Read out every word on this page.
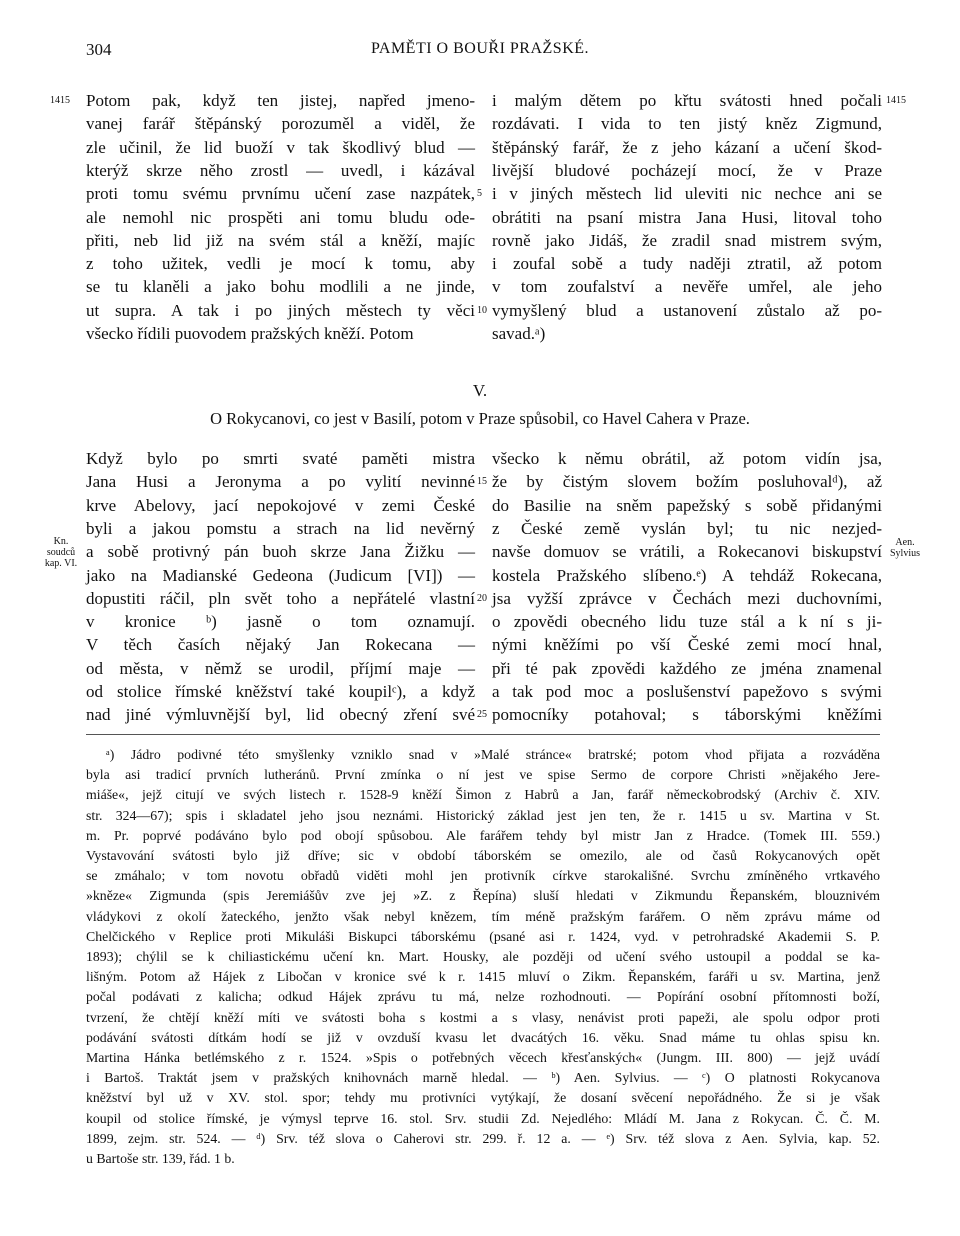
304	PAMĚTI O BOUŘI PRAŽSKÉ.
1415	1415
Potom pak, když ten jistej, napřed jmeno-
vanej farář štěpánský porozuměl a viděl, že
zle učinil, že lid buoží v tak škodlivý blud —
kterýž skrze něho zrostl — uvedl, i kázával
proti tomu svému prvnímu učení zase nazpátek,
ale nemohl nic prospěti ani tomu bludu ode-
přiti, neb lid již na svém stál a kněží, majíc
z toho užitek, vedli je mocí k tomu, aby
se tu klaněli a jako bohu modlili a ne jinde,
ut supra. A tak i po jiných městech ty věci
všecko řídili puovodem pražských kněží. Potom
i malým dětem po křtu svátosti hned počali
rozdávati. I vida to ten jistý kněz Zigmund,
štěpánský farář, že z jeho kázaní a učení škod-
livější bludové pocházejí mocí, že v Praze
i v jiných městech lid uleviti nic nechce ani se
obrátiti na psaní mistra Jana Husi, litoval toho
rovně jako Jidáš, že zradil snad mistrem svým,
i zoufal sobě a tudy naději ztratil, až potom
v tom zoufalství a nevěře umřel, ale jeho
vymyšlený blud a ustanovení zůstalo až po-
savad.ᵃ)
5
10
V.
O Rokycanovi, co jest v Basilí, potom v Praze spůsobil, co Havel Cahera v Praze.
Kn.
soudců
kap. VI.
Aen.
Sylvius
Když bylo po smrti svaté paměti mistra
Jana Husi a Jeronyma a po vylití nevinné
krve Abelovy, jací nepokojové v zemi České
byli a jakou pomstu a strach na lid nevěrný
a sobě protivný pán buoh skrze Jana Žižku —
jako na Madianské Gedeona (Judicum [VI]) —
dopustiti ráčil, pln svět toho a nepřátelé vlastní
v kronice ᵇ) jasně o tom oznamují.
V těch časích nějaký Jan Rokecana —
od města, v němž se urodil, příjmí maje —
od stolice římské kněžství také koupilᶜ), a když
nad jiné výmluvnější byl, lid obecný zření své
všecko k němu obrátil, až potom vidín jsa,
že by čistým slovem božím posluhovalᵈ), až
do Basilie na sněm papežský s sobě přidanými
z České země vyslán byl; tu nic nezjed-
navše domuov se vrátili, a Rokecanovi biskupství
kostela Pražského slíbeno.ᵉ) A tehdáž Rokecana,
jsa vyžší zprávce v Čechách mezi duchovními,
o zpovědi obecného lidu tuze stál a k ní s ji-
nými kněžími po vší České zemi mocí hnal,
při té pak zpovědi každého ze jména znamenal
a tak pod moc a poslušenství papežovo s svými
pomocníky potahoval; s táborskými kněžími
15
20
25
ᵃ) Jádro podivné této smyšlenky vzniklo snad v »Malé stránce« bratrské; potom vhod přijata a rozváděna
byla asi tradicí prvních lutheránů. První zmínka o ní jest ve spise Sermo de corpore Christi »nějakého Jere-
miáše«, jejž citují ve svých listech r. 1528-9 kněží Šimon z Habrů a Jan, farář německobrodský (Archiv č. XIV.
str. 324—67); spis i skladatel jeho jsou neznámi. Historický základ jest jen ten, že r. 1415 u sv. Martina v St.
m. Pr. poprvé podáváno bylo pod obojí spůsobou. Ale farářem tehdy byl mistr Jan z Hradce. (Tomek III. 559.)
Vystavování svátosti bylo již dříve; sic v období táborském se omezilo, ale od časů Rokycanových opět
se zmáhalo; v tom novotu obřadů viděti mohl jen protivník církve starokališné. Svrchu zmíněného vrtkavého
»kněze« Zigmunda (spis Jeremiášův zve jej »Z. z Řepína) sluší hledati v Zikmundu Řepanském, blouznivém
vládykovi z okolí žateckého, jenžto však nebyl knězem, tím méně pražským farářem. O něm zprávu máme od
Chelčického v Replice proti Mikuláši Biskupci táborskému (psané asi r. 1424, vyd. v petrohradské Akademii S. P.
1893); chýlil se k chiliastickému učení kn. Mart. Housky, ale později od učení svého ustoupil a poddal se ka-
lišným. Potom až Hájek z Libočan v kronice své k r. 1415 mluví o Zikm. Řepanském, faráři u sv. Martina, jenž
počal podávati z kalicha; odkud Hájek zprávu tu má, nelze rozhodnouti. — Popírání osobní přítomnosti boží,
tvrzení, že chtějí kněží míti ve svátosti boha s kostmi a s vlasy, nenávist proti papeži, ale spolu odpor proti
podávání svátosti dítkám hodí se již v ovzduší kvasu let dvacátých 16. věku. Snad máme tu ohlas spisu kn.
Martina Hánka betlémského z r. 1524. »Spis o potřebných věcech křesťanských« (Jungm. III. 800) — jejž uvádí
i Bartoš. Traktát jsem v pražských knihovnách marně hledal. — ᵇ) Aen. Sylvius. — ᶜ) O platnosti Rokycanova
kněžství byl už v XV. stol. spor; tehdy mu protivníci vytýkají, že dosaní svěcení nepořádného. Že si je však
koupil od stolice římské, je výmysl teprve 16. stol. Srv. studii Zd. Nejedlého: Mládí M. Jana z Rokycan. Č. Č. M.
1899, zejm. str. 524. — ᵈ) Srv. též slova o Caherovi str. 299. ř. 12 a. — ᵉ) Srv. též slova z Aen. Sylvia, kap. 52.
u Bartoše str. 139, řád. 1 b.
